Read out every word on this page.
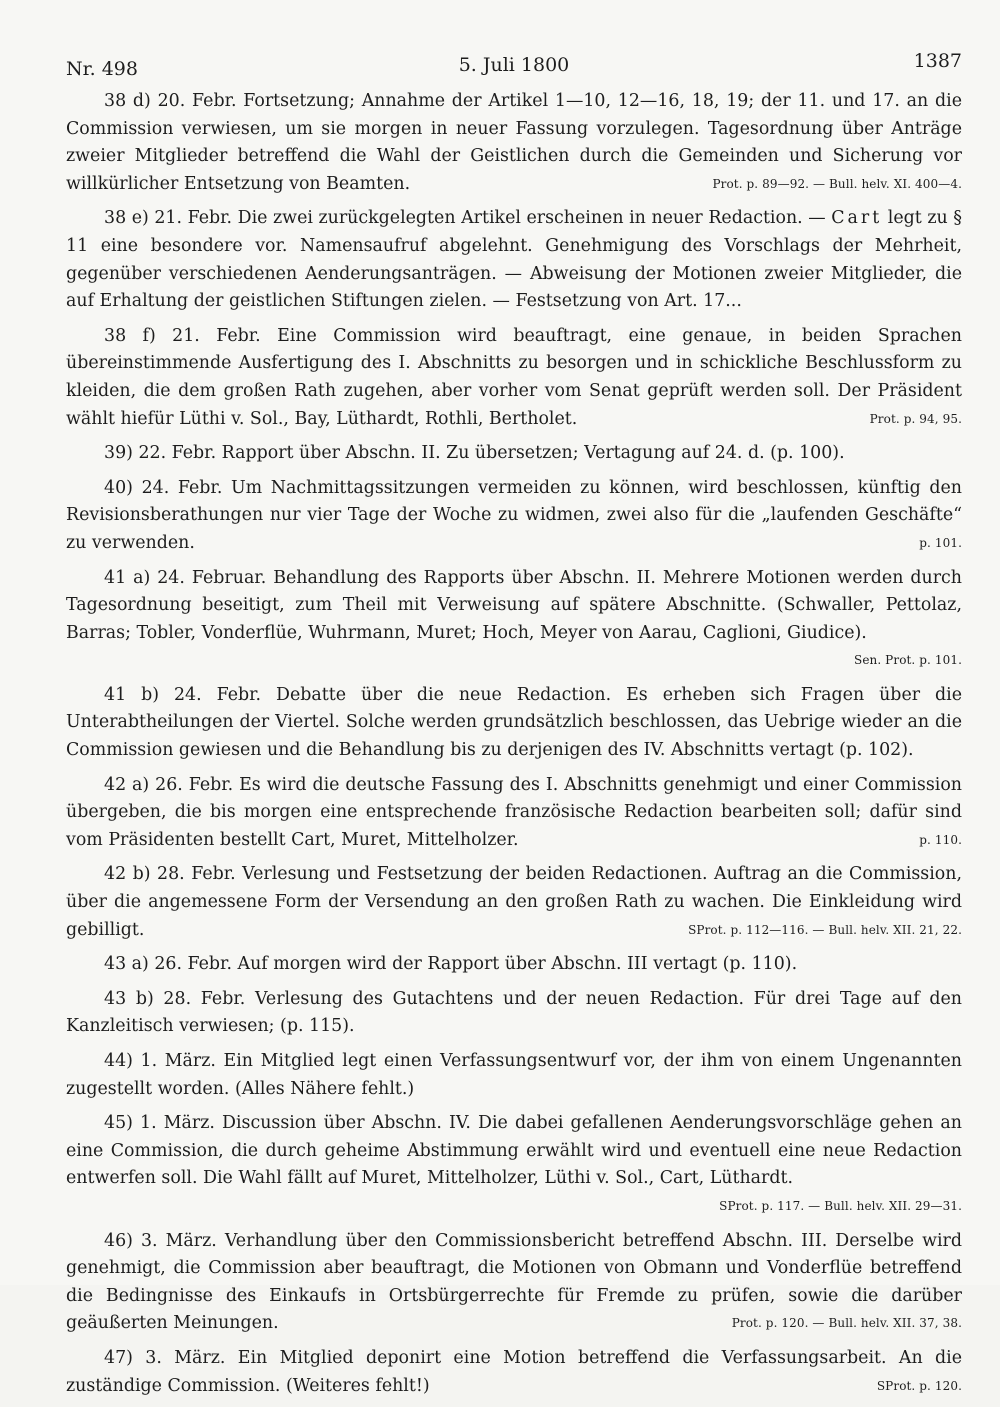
Nr. 498	5. Juli 1800	1387

38 d) 20. Febr. Fortsetzung; Annahme der Artikel 1—10, 12—16, 18, 19; der 11. und 17. an die Commission verwiesen, um sie morgen in neuer Fassung vorzulegen. Tagesordnung über Anträge zweier Mitglieder betreffend die Wahl der Geistlichen durch die Gemeinden und Sicherung vor willkürlicher Entsetzung von Beamten.	Prot. p. 89—92. — Bull. helv. XI. 400—4.

38 e) 21. Febr. Die zwei zurückgelegten Artikel erscheinen in neuer Redaction. — Cart legt zu § 11 eine besondere vor. Namensaufruf abgelehnt. Genehmigung des Vorschlags der Mehrheit, gegenüber verschiedenen Aenderungsanträgen. — Abweisung der Motionen zweier Mitglieder, die auf Erhaltung der geistlichen Stiftungen zielen. — Festsetzung von Art. 17...

38 f) 21. Febr. Eine Commission wird beauftragt, eine genaue, in beiden Sprachen übereinstimmende Ausfertigung des I. Abschnitts zu besorgen und in schickliche Beschlussform zu kleiden, die dem großen Rath zugehen, aber vorher vom Senat geprüft werden soll. Der Präsident wählt hiefür Lüthi v. Sol., Bay, Lüthardt, Rothli, Bertholet.	Prot. p. 94, 95.

39) 22. Febr. Rapport über Abschn. II. Zu übersetzen; Vertagung auf 24. d. (p. 100).

40) 24. Febr. Um Nachmittagssitzungen vermeiden zu können, wird beschlossen, künftig den Revisionsberathungen nur vier Tage der Woche zu widmen, zwei also für die „laufenden Geschäfte“ zu verwenden.	p. 101.

41 a) 24. Februar. Behandlung des Rapports über Abschn. II. Mehrere Motionen werden durch Tagesordnung beseitigt, zum Theil mit Verweisung auf spätere Abschnitte. (Schwaller, Pettolaz, Barras; Tobler, Vonderflüe, Wuhrmann, Muret; Hoch, Meyer von Aarau, Caglioni, Giudice).
Sen. Prot. p. 101.

41 b) 24. Febr. Debatte über die neue Redaction. Es erheben sich Fragen über die Unterabtheilungen der Viertel. Solche werden grundsätzlich beschlossen, das Uebrige wieder an die Commission gewiesen und die Behandlung bis zu derjenigen des IV. Abschnitts vertagt (p. 102).

42 a) 26. Febr. Es wird die deutsche Fassung des I. Abschnitts genehmigt und einer Commission übergeben, die bis morgen eine entsprechende französische Redaction bearbeiten soll; dafür sind vom Präsidenten bestellt Cart, Muret, Mittelholzer.	p. 110.

42 b) 28. Febr. Verlesung und Festsetzung der beiden Redactionen. Auftrag an die Commission, über die angemessene Form der Versendung an den großen Rath zu wachen. Die Einkleidung wird gebilligt.	SProt. p. 112—116. — Bull. helv. XII. 21, 22.

43 a) 26. Febr. Auf morgen wird der Rapport über Abschn. III vertagt (p. 110).

43 b) 28. Febr. Verlesung des Gutachtens und der neuen Redaction. Für drei Tage auf den Kanzleitisch verwiesen; (p. 115).

44) 1. März. Ein Mitglied legt einen Verfassungsentwurf vor, der ihm von einem Ungenannten zugestellt worden. (Alles Nähere fehlt.)

45) 1. März. Discussion über Abschn. IV. Die dabei gefallenen Aenderungsvorschläge gehen an eine Commission, die durch geheime Abstimmung erwählt wird und eventuell eine neue Redaction entwerfen soll. Die Wahl fällt auf Muret, Mittelholzer, Lüthi v. Sol., Cart, Lüthardt.
SProt. p. 117. — Bull. helv. XII. 29—31.

46) 3. März. Verhandlung über den Commissionsbericht betreffend Abschn. III. Derselbe wird genehmigt, die Commission aber beauftragt, die Motionen von Obmann und Vonderflüe betreffend die Bedingnisse des Einkaufs in Ortsbürgerrechte für Fremde zu prüfen, sowie die darüber geäußerten Meinungen.	Prot. p. 120. — Bull. helv. XII. 37, 38.

47) 3. März. Ein Mitglied deponirt eine Motion betreffend die Verfassungsarbeit. An die zuständige Commission. (Weiteres fehlt!)	SProt. p. 120.
